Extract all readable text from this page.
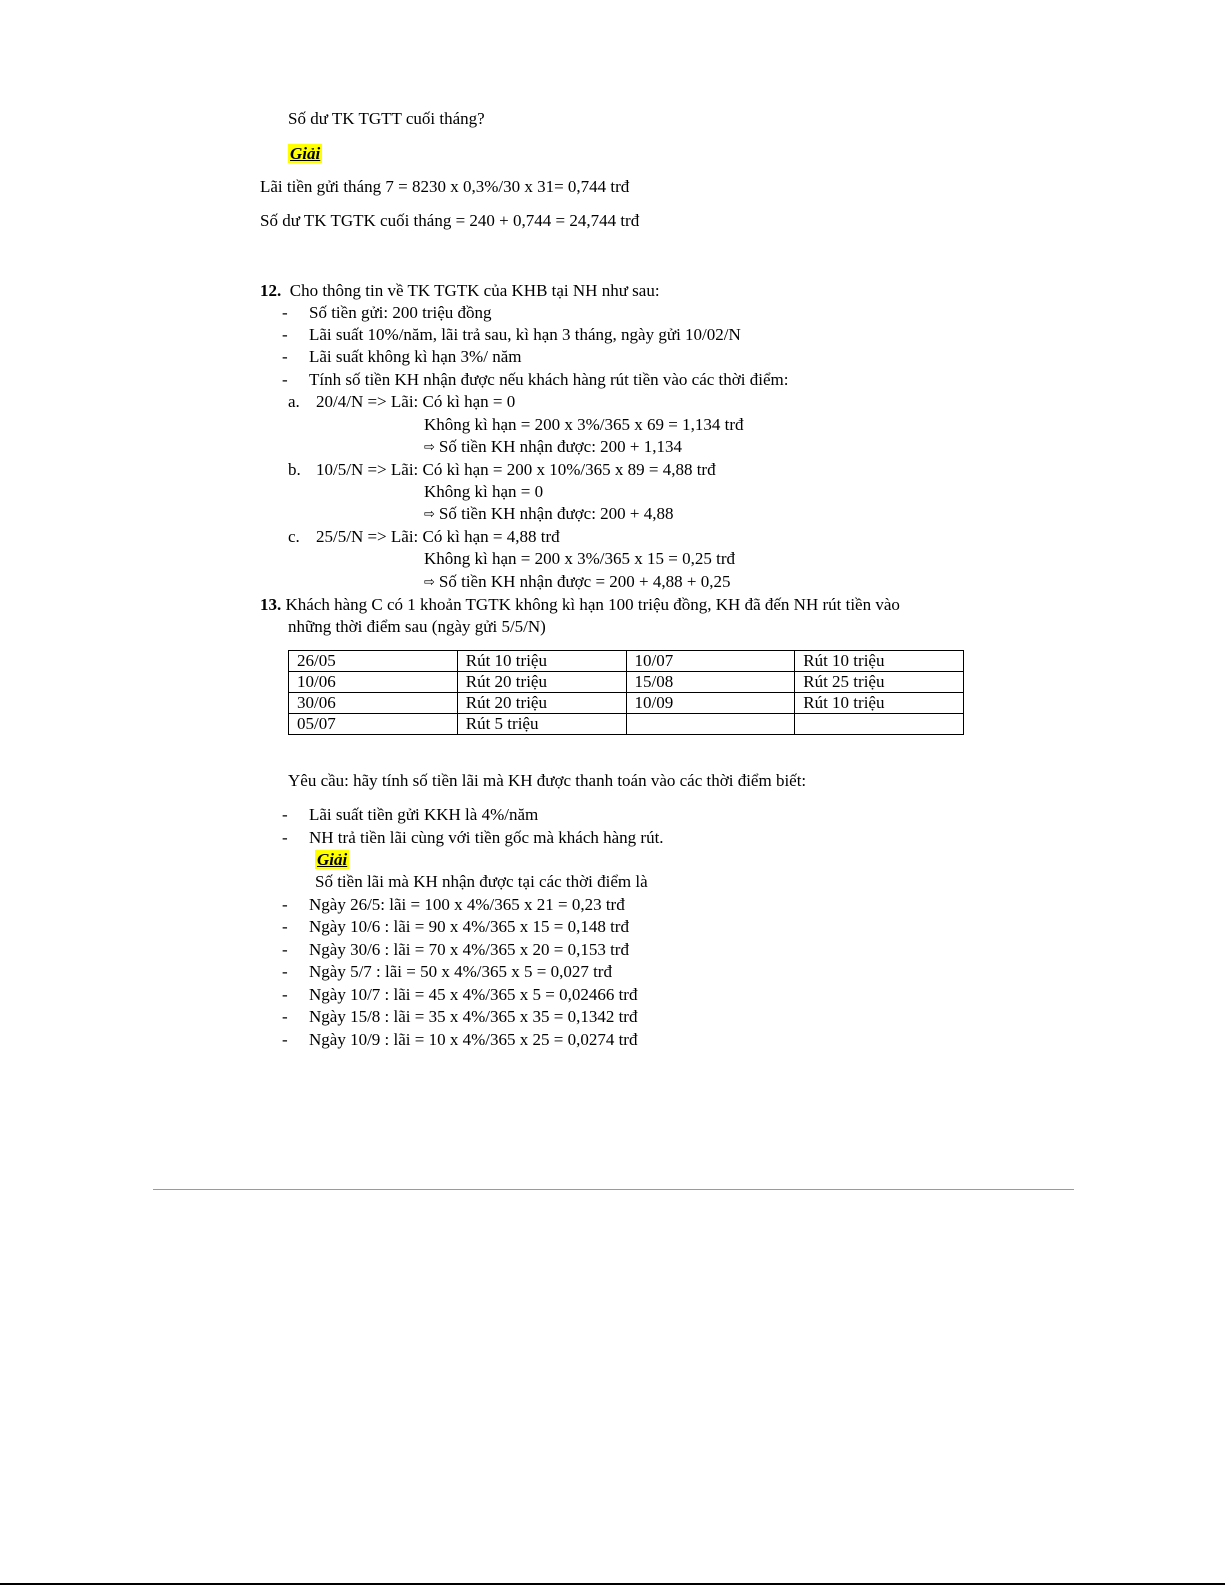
Số dư TK TGTT cuối tháng?
Giải
Lãi tiền gửi tháng 7 = 8230 x 0,3%/30 x 31= 0,744 trđ
Số dư TK TGTK cuối tháng = 240 + 0,744 = 24,744 trđ
12. Cho thông tin về TK TGTK của KHB tại NH như sau:
- Số tiền gửi: 200 triệu đồng
- Lãi suất 10%/năm, lãi trả sau, kì hạn 3 tháng, ngày gửi 10/02/N
- Lãi suất không kì hạn 3%/ năm
- Tính số tiền KH nhận được nếu khách hàng rút tiền vào các thời điểm:
a. 20/4/N => Lãi: Có kì hạn = 0
Không kì hạn = 200 x 3%/365 x 69 = 1,134 trđ
⇨ Số tiền KH nhận được: 200 + 1,134
b. 10/5/N => Lãi: Có kì hạn = 200 x 10%/365 x 89 = 4,88 trđ
Không kì hạn = 0
⇨ Số tiền KH nhận được: 200 + 4,88
c. 25/5/N => Lãi: Có kì hạn = 4,88 trđ
Không kì hạn = 200 x 3%/365 x 15 = 0,25 trđ
⇨ Số tiền KH nhận được = 200 + 4,88 + 0,25
13. Khách hàng C có 1 khoản TGTK không kì hạn 100 triệu đồng, KH đã đến NH rút tiền vào
những thời điểm sau (ngày gửi 5/5/N)
26/05	Rút 10 triệu	10/07	Rút 10 triệu
10/06	Rút 20 triệu	15/08	Rút 25 triệu
30/06	Rút 20 triệu	10/09	Rút 10 triệu
05/07	Rút 5 triệu		
Yêu cầu: hãy tính số tiền lãi mà KH được thanh toán vào các thời điểm biết:
- Lãi suất tiền gửi KKH là 4%/năm
- NH trả tiền lãi cùng với tiền gốc mà khách hàng rút.
Giải
Số tiền lãi mà KH nhận được tại các thời điểm là
- Ngày 26/5: lãi = 100 x 4%/365 x 21 = 0,23 trđ
- Ngày 10/6 : lãi = 90 x 4%/365 x 15 = 0,148 trđ
- Ngày 30/6 : lãi = 70 x 4%/365 x 20 = 0,153 trđ
- Ngày 5/7 : lãi = 50 x 4%/365 x 5 = 0,027 trđ
- Ngày 10/7 : lãi = 45 x 4%/365 x 5 = 0,02466 trđ
- Ngày 15/8 : lãi = 35 x 4%/365 x 35 = 0,1342 trđ
- Ngày 10/9 : lãi = 10 x 4%/365 x 25 = 0,0274 trđ
